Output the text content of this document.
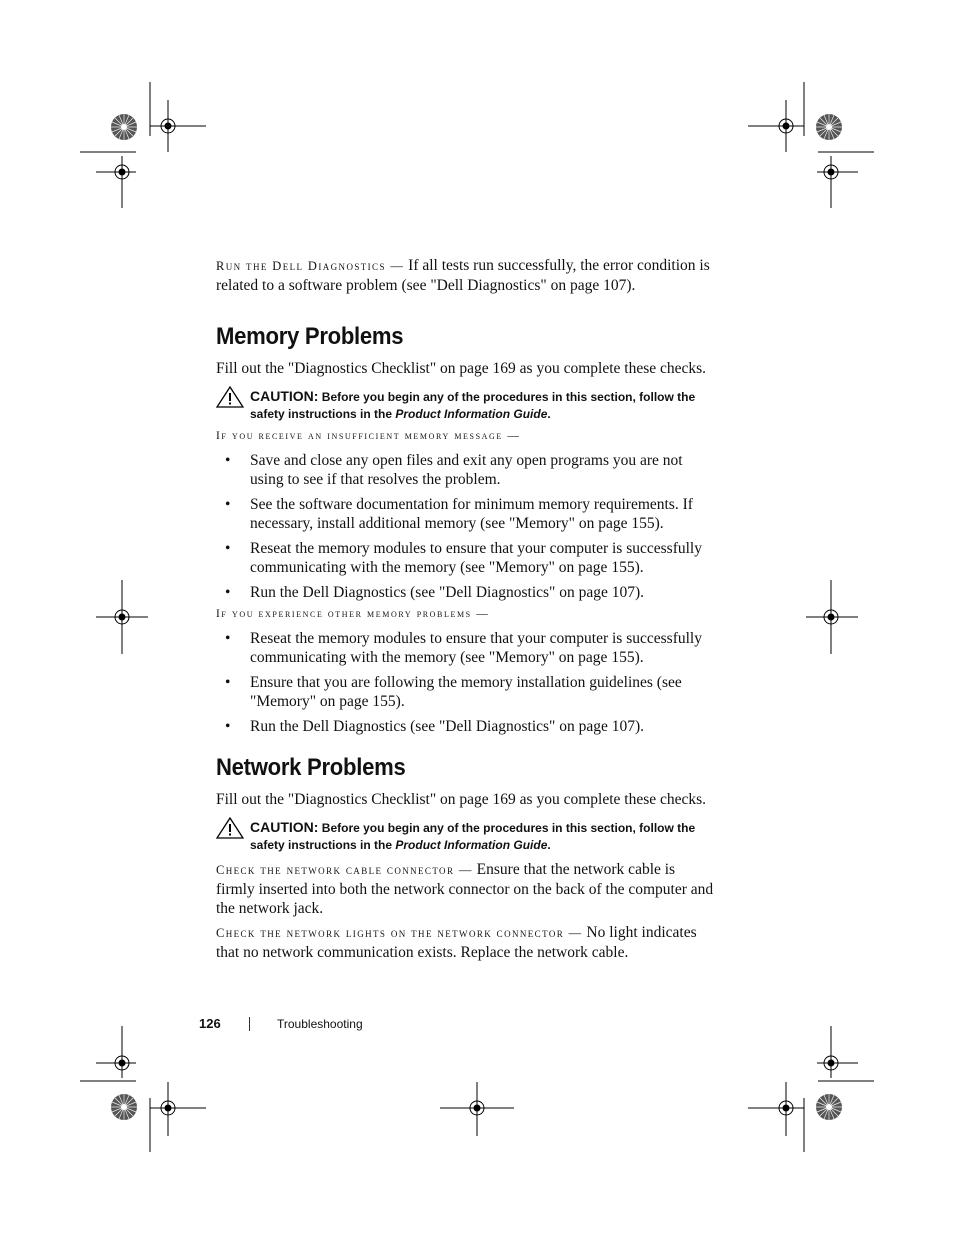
Run the Dell Diagnostics — If all tests run successfully, the error condition is related to a software problem (see "Dell Diagnostics" on page 107).

Memory Problems

Fill out the "Diagnostics Checklist" on page 169 as you complete these checks.

CAUTION: Before you begin any of the procedures in this section, follow the safety instructions in the Product Information Guide.

If you receive an insufficient memory message —

• Save and close any open files and exit any open programs you are not using to see if that resolves the problem.
• See the software documentation for minimum memory requirements. If necessary, install additional memory (see "Memory" on page 155).
• Reseat the memory modules to ensure that your computer is successfully communicating with the memory (see "Memory" on page 155).
• Run the Dell Diagnostics (see "Dell Diagnostics" on page 107).

If you experience other memory problems —

• Reseat the memory modules to ensure that your computer is successfully communicating with the memory (see "Memory" on page 155).
• Ensure that you are following the memory installation guidelines (see "Memory" on page 155).
• Run the Dell Diagnostics (see "Dell Diagnostics" on page 107).
Network Problems

Fill out the "Diagnostics Checklist" on page 169 as you complete these checks.

CAUTION: Before you begin any of the procedures in this section, follow the safety instructions in the Product Information Guide.

Check the network cable connector — Ensure that the network cable is firmly inserted into both the network connector on the back of the computer and the network jack.

Check the network lights on the network connector — No light indicates that no network communication exists. Replace the network cable.

126	Troubleshooting
